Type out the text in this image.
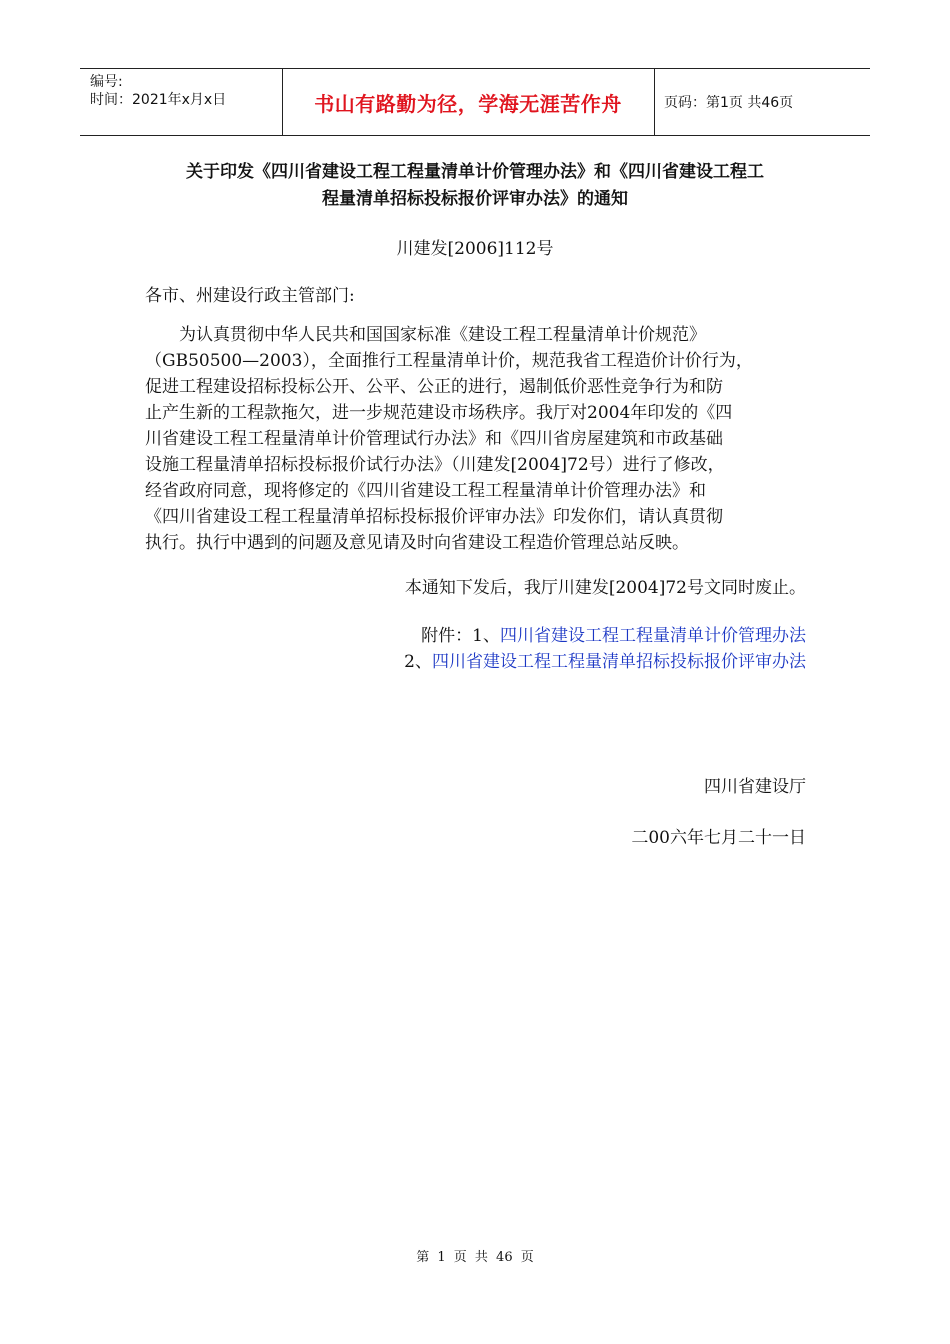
编号:
时间：2021年x月x日	书山有路勤为径，学海无涯苦作舟	页码：第1页 共46页
关于印发《四川省建设工程工程量清单计价管理办法》和《四川省建设工程工
程量清单招标投标报价评审办法》的通知
川建发[2006]112号
各市、州建设行政主管部门:
　　为认真贯彻中华人民共和国国家标准《建设工程工程量清单计价规范》
（GB50500—2003），全面推行工程量清单计价，规范我省工程造价计价行为，
促进工程建设招标投标公开、公平、公正的进行，遏制低价恶性竞争行为和防
止产生新的工程款拖欠，进一步规范建设市场秩序。我厅对2004年印发的《四
川省建设工程工程量清单计价管理试行办法》和《四川省房屋建筑和市政基础
设施工程量清单招标投标报价试行办法》（川建发[2004]72号）进行了修改，
经省政府同意，现将修定的《四川省建设工程工程量清单计价管理办法》和
《四川省建设工程工程量清单招标投标报价评审办法》印发你们，请认真贯彻
执行。执行中遇到的问题及意见请及时向省建设工程造价管理总站反映。
本通知下发后，我厅川建发[2004]72号文同时废止。
附件：1、四川省建设工程工程量清单计价管理办法
2、四川省建设工程工程量清单招标投标报价评审办法
四川省建设厅
二00六年七月二十一日
第 1 页 共 46 页
